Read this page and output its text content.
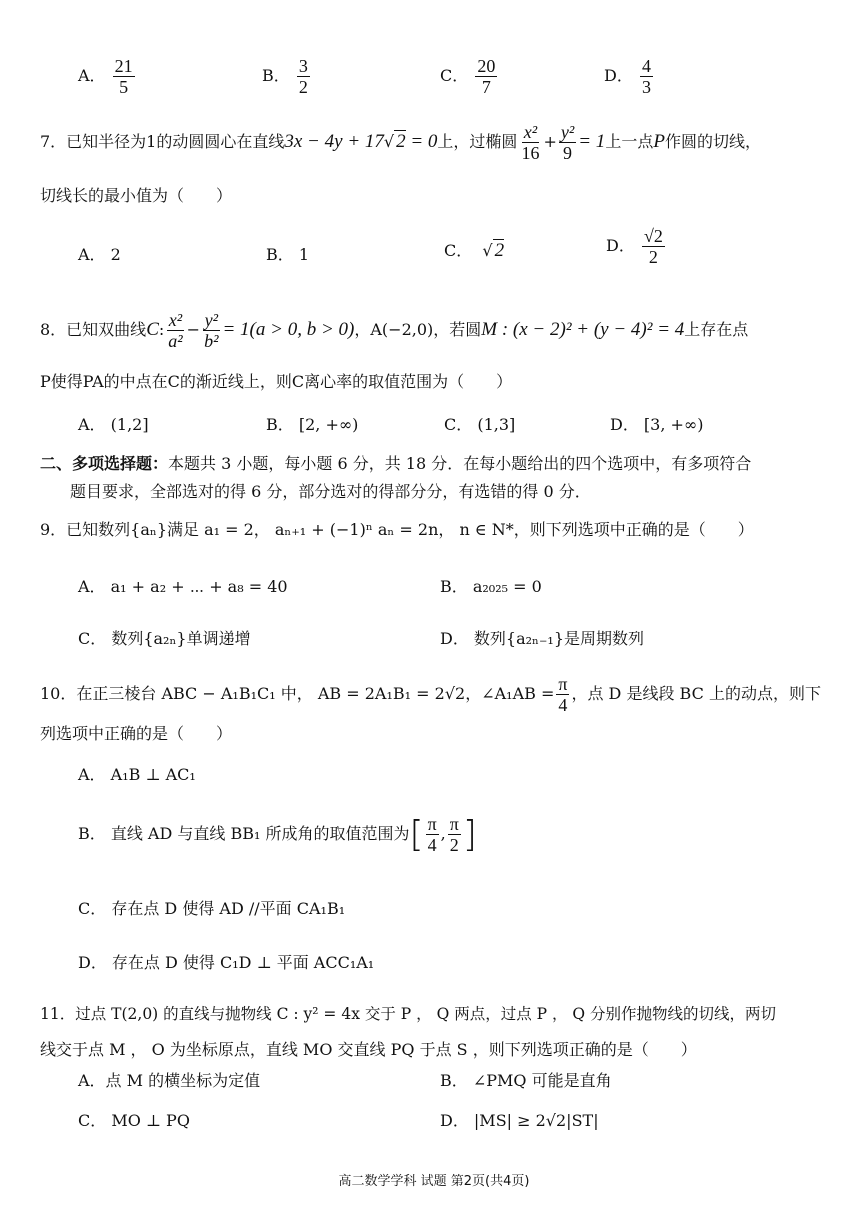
A． $\frac{21}{5}$	B． $\frac{3}{2}$	C． $\frac{20}{7}$	D． $\frac{4}{3}$
7．已知半径为1的动圆圆心在直线3x − 4y + 17√ 2 = 0上，过椭圆 $\frac{\text{x²}}{16} + \frac{\text{y²}}{9} = 1$上一点P作圆的切线，
切线长的最小值为（　　）
A． 2	B． 1	C．  √ 2	D． $\frac{√2}{2}$
8．已知双曲线C: $\frac{\text{x²}}{\text{a²}} - \frac{\text{y²}}{\text{b²}} = 1(a > 0$, b > 0)，A(−2,0)，若圆M : (x − 2)² + (y − 4)² = 4上存在点
P使得PA的中点在C的渐近线上，则C离心率的取值范围为（　　）
A． (1,2]	B． [2, +∞)	C． (1,3]	D． [3, +∞)
二、多项选择题：本题共 3 小题，每小题 6 分，共 18 分．在每小题给出的四个选项中，有多项符合
题目要求，全部选对的得 6 分，部分选对的得部分分，有选错的得 0 分．
9．已知数列{aₙ}满足 a₁ = 2， aₙ₊₁ + (−1)ⁿ aₙ = 2n， n ∈ N*，则下列选项中正确的是（　　）
A． a₁ + a₂ + ⋯ + a₈ = 40	B． a₂₀₂₅ = 0
C． 数列{a₂ₙ}单调递增	D． 数列{a₂ₙ₋₁}是周期数列
10．在正三棱台 ABC − A₁B₁C₁ 中， AB = 2A₁B₁ = 2√2，∠A₁AB = $\frac{\pi}{4}$ ，点 D 是线段 BC 上的动点，则下
列选项中正确的是（　　）
A． A₁B ⊥ AC₁
B． 直线 AD 与直线 BB₁ 所成角的取值范围为[ $\frac{\pi}{4}$ , $\frac{\pi}{2}$ ]
C． 存在点 D 使得 AD //平面 CA₁B₁
D． 存在点 D 使得 C₁D ⊥ 平面 ACC₁A₁
11．过点 T(2,0) 的直线与抛物线 C : y² = 4x 交于 P ， Q 两点，过点 P ， Q 分别作抛物线的切线，两切
线交于点 M ， O 为坐标原点，直线 MO 交直线 PQ 于点 S ，则下列选项正确的是（　　）
A．点 M 的横坐标为定值	B． ∠PMQ 可能是直角
C． MO ⊥ PQ	D． |MS| ≥ 2√2|ST|
高二数学学科 试题 第2页(共4页)
